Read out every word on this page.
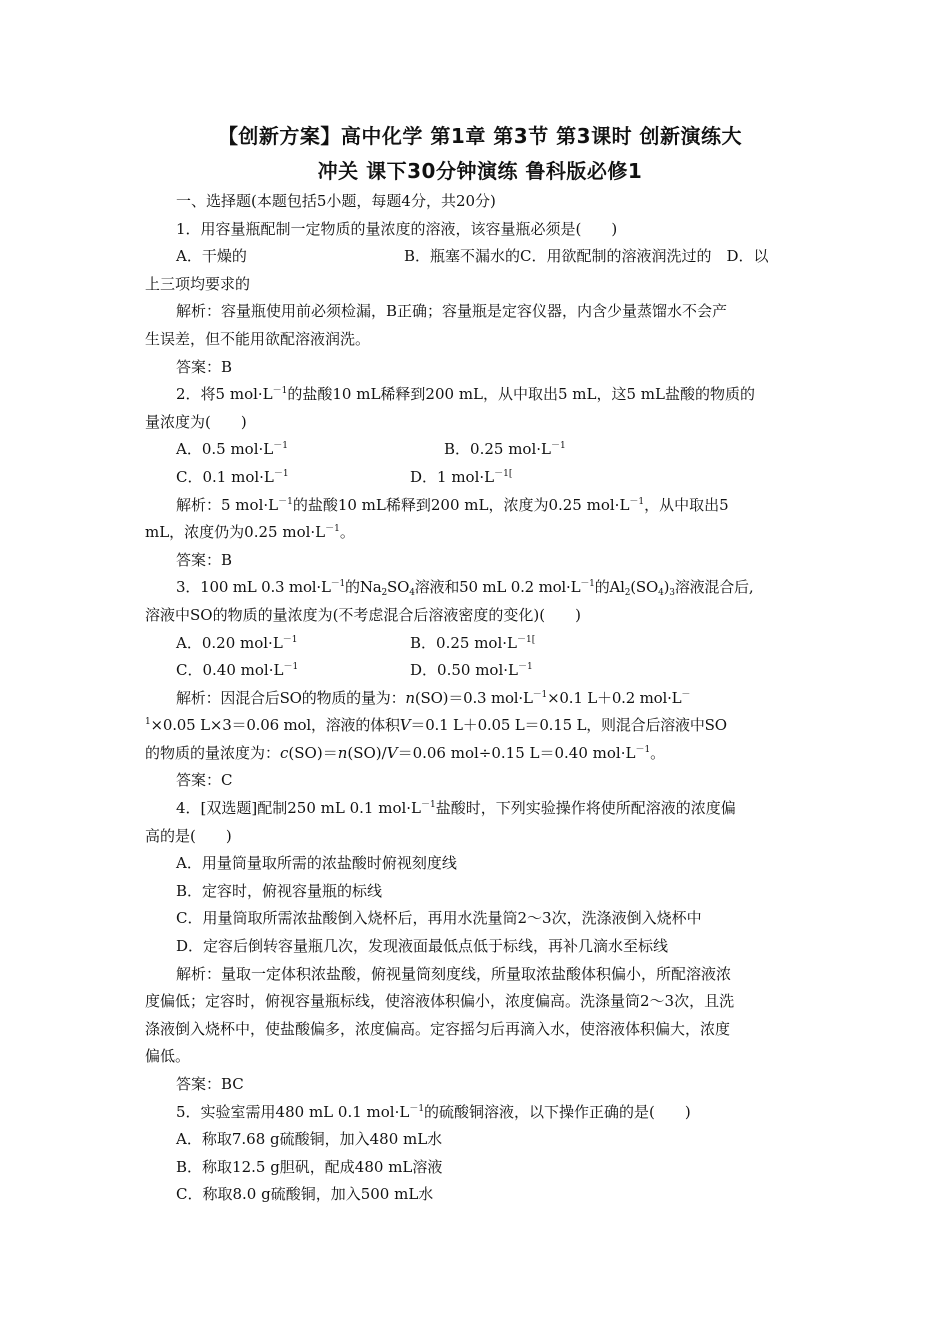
【创新方案】高中化学 第1章 第3节 第3课时 创新演练大
冲关 课下30分钟演练 鲁科版必修1
一、选择题(本题包括5小题，每题4分，共20分)
1．用容量瓶配制一定物质的量浓度的溶液，该容量瓶必须是(　　)
A．干燥的	B．瓶塞不漏水的C．用欲配制的溶液润洗过的　D．以
上三项均要求的
解析：容量瓶使用前必须检漏，B正确；容量瓶是定容仪器，内含少量蒸馏水不会产
生误差，但不能用欲配溶液润洗。
答案：B
2．将5 $mol\cdot L^{-1}$的盐酸10 mL稀释到200 mL，从中取出5 mL，这5 mL盐酸的物质的
量浓度为(　　)
A．0.5 $mol\cdot L^{-1}$	B．0.25 $mol\cdot L^{-1}$
C．0.1 $mol\cdot L^{-1}$	D．1 $mol\cdot L^{-1[}$
解析：5 $mol\cdot L^{-1}$的盐酸10 mL稀释到200 mL，浓度为0.25 $mol\cdot L^{-1}$，从中取出5
mL，浓度仍为0.25 $mol\cdot L^{-1}$。
答案：B
3．100 mL 0.3 $mol\cdot L^{-1}$的$Na_2SO_4$溶液和50 mL 0.2 $mol\cdot L^{-1}$的$Al_2(SO_4)_3$溶液混合后,
溶液中SO的物质的量浓度为(不考虑混合后溶液密度的变化)(　　)
A．0.20 $mol\cdot L^{-1}$	B．0.25 $mol\cdot L^{-1[}$
C．0.40 $mol\cdot L^{-1}$	D．0.50 $mol\cdot L^{-1}$
解析：因混合后SO的物质的量为：n(SO)＝0.3 $mol\cdot L^{-1}\times 0.1$ L＋0.2 mol·L－
$^1$×0.05 L×3＝0.06 mol，溶液的体积V＝0.1 L＋0.05 L＝0.15 L，则混合后溶液中SO
的物质的量浓度为：c(SO)＝n(SO)/V＝0.06 mol÷0.15 L＝0.40 $mol\cdot L^{-1}$。
答案：C
4．[双选题]配制250 mL 0.1 $mol\cdot L^{-1}$盐酸时，下列实验操作将使所配溶液的浓度偏
高的是(　　)
A．用量筒量取所需的浓盐酸时俯视刻度线
B．定容时，俯视容量瓶的标线
C．用量筒取所需浓盐酸倒入烧杯后，再用水洗量筒2～3次，洗涤液倒入烧杯中
D．定容后倒转容量瓶几次，发现液面最低点低于标线，再补几滴水至标线
解析：量取一定体积浓盐酸，俯视量筒刻度线，所量取浓盐酸体积偏小，所配溶液浓
度偏低；定容时，俯视容量瓶标线，使溶液体积偏小，浓度偏高。洗涤量筒2～3次，且洗
涤液倒入烧杯中，使盐酸偏多，浓度偏高。定容摇匀后再滴入水，使溶液体积偏大，浓度
偏低。
答案：BC
5．实验室需用480 mL 0.1 $mol\cdot L^{-1}$的硫酸铜溶液，以下操作正确的是(　　)
A．称取7.68 g硫酸铜，加入480 mL水
B．称取12.5 g胆矾，配成480 mL溶液
C．称取8.0 g硫酸铜，加入500 mL水
